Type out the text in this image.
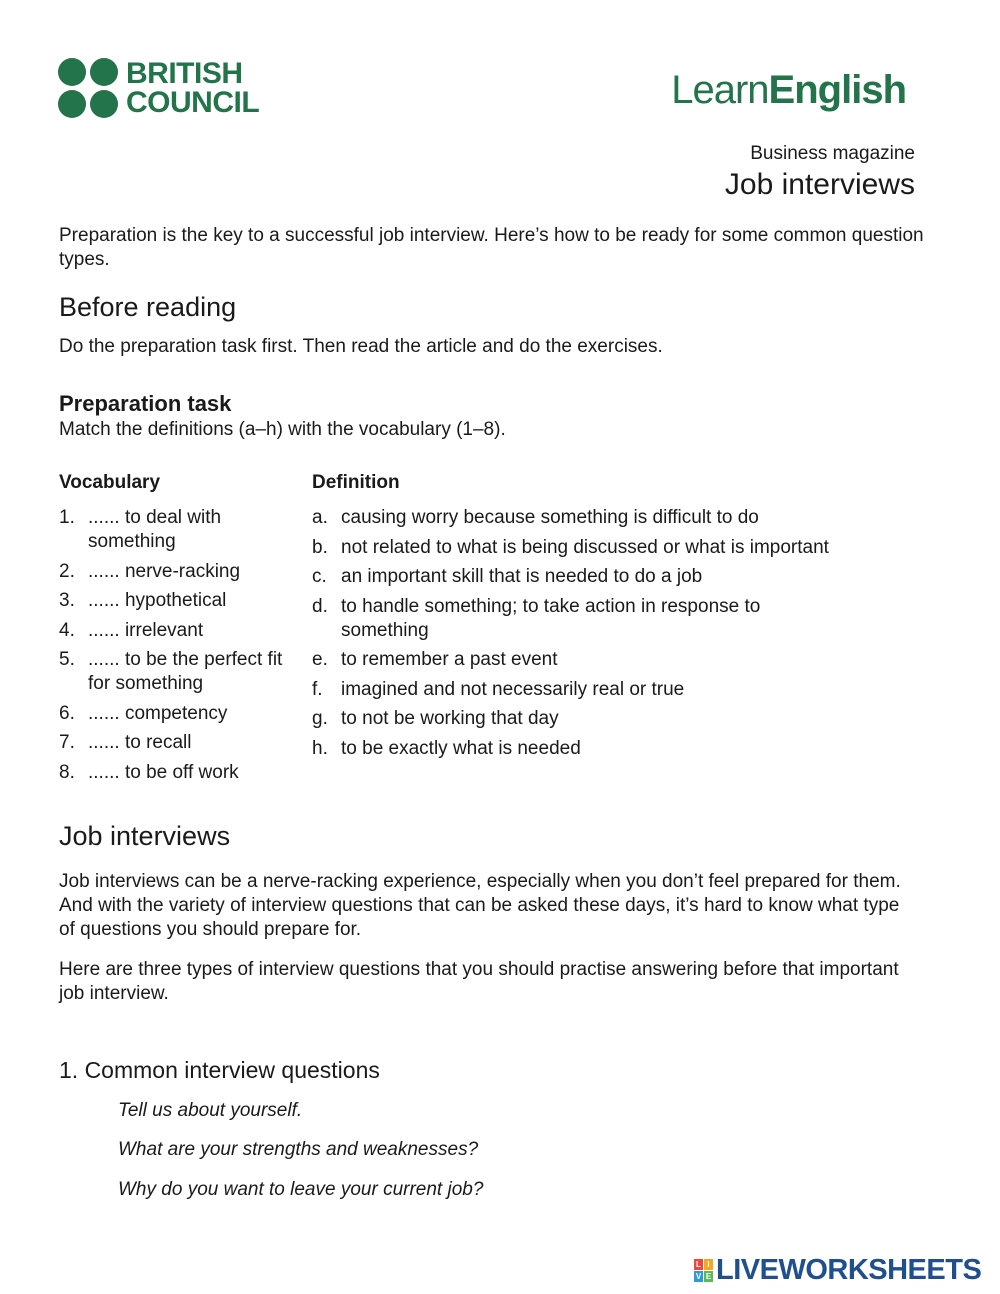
BRITISH
COUNCIL	LearnEnglish
Business magazine
Job interviews
Preparation is the key to a successful job interview. Here’s how to be ready for some common question types.
Before reading
Do the preparation task first. Then read the article and do the exercises.
Preparation task
Match the definitions (a–h) with the vocabulary (1–8).
Vocabulary
1. ...... to deal with something
2. ...... nerve-racking
3. ...... hypothetical
4. ...... irrelevant
5. ...... to be the perfect fit for something
6. ...... competency
7. ...... to recall
8. ...... to be off work
Definition
a. causing worry because something is difficult to do
b. not related to what is being discussed or what is important
c. an important skill that is needed to do a job
d. to handle something; to take action in response to something
e. to remember a past event
f. imagined and not necessarily real or true
g. to not be working that day
h. to be exactly what is needed
Job interviews
Job interviews can be a nerve-racking experience, especially when you don’t feel prepared for them. And with the variety of interview questions that can be asked these days, it’s hard to know what type of questions you should prepare for.
Here are three types of interview questions that you should practise answering before that important job interview.
1. Common interview questions
Tell us about yourself.
What are your strengths and weaknesses?
Why do you want to leave your current job?
L I
V E LIVEWORKSHEETS
